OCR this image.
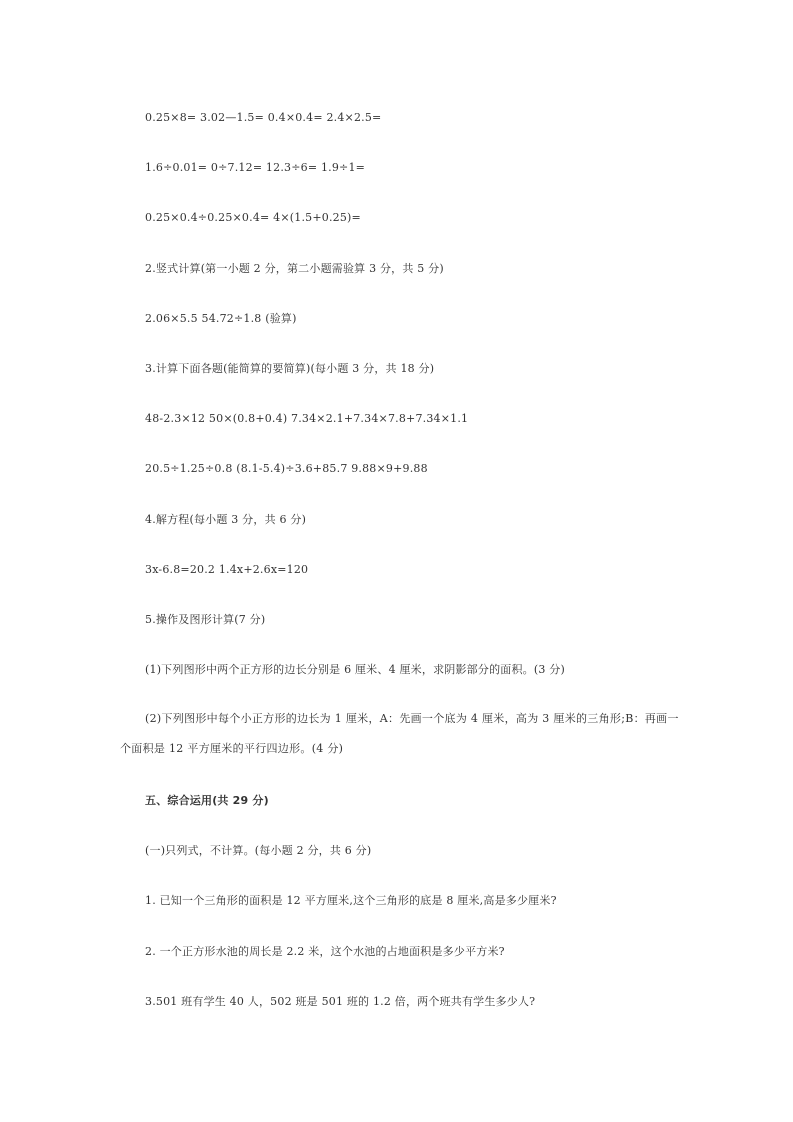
0.25×8= 3.02—1.5= 0.4×0.4= 2.4×2.5=
1.6÷0.01= 0÷7.12= 12.3÷6= 1.9÷1=
0.25×0.4÷0.25×0.4= 4×(1.5+0.25)=
2.竖式计算(第一小题 2 分，第二小题需验算 3 分，共 5 分)
2.06×5.5 54.72÷1.8 (验算)
3.计算下面各题(能简算的要简算)(每小题 3 分，共 18 分)
48-2.3×12 50×(0.8+0.4) 7.34×2.1+7.34×7.8+7.34×1.1
20.5÷1.25÷0.8 (8.1-5.4)÷3.6+85.7 9.88×9+9.88
4.解方程(每小题 3 分，共 6 分)
3x-6.8=20.2 1.4x+2.6x=120
5.操作及图形计算(7 分)
(1)下列图形中两个正方形的边长分别是 6 厘米、4 厘米，求阴影部分的面积。(3 分)
(2)下列图形中每个小正方形的边长为 1 厘米，A：先画一个底为 4 厘米，高为 3 厘米的三角形;B：再画一个面积是 12 平方厘米的平行四边形。(4 分)
五、综合运用(共 29 分)
(一)只列式，不计算。(每小题 2 分，共 6 分)
1. 已知一个三角形的面积是 12 平方厘米,这个三角形的底是 8 厘米,高是多少厘米?
2. 一个正方形水池的周长是 2.2 米，这个水池的占地面积是多少平方米?
3.501 班有学生 40 人，502 班是 501 班的 1.2 倍，两个班共有学生多少人?
